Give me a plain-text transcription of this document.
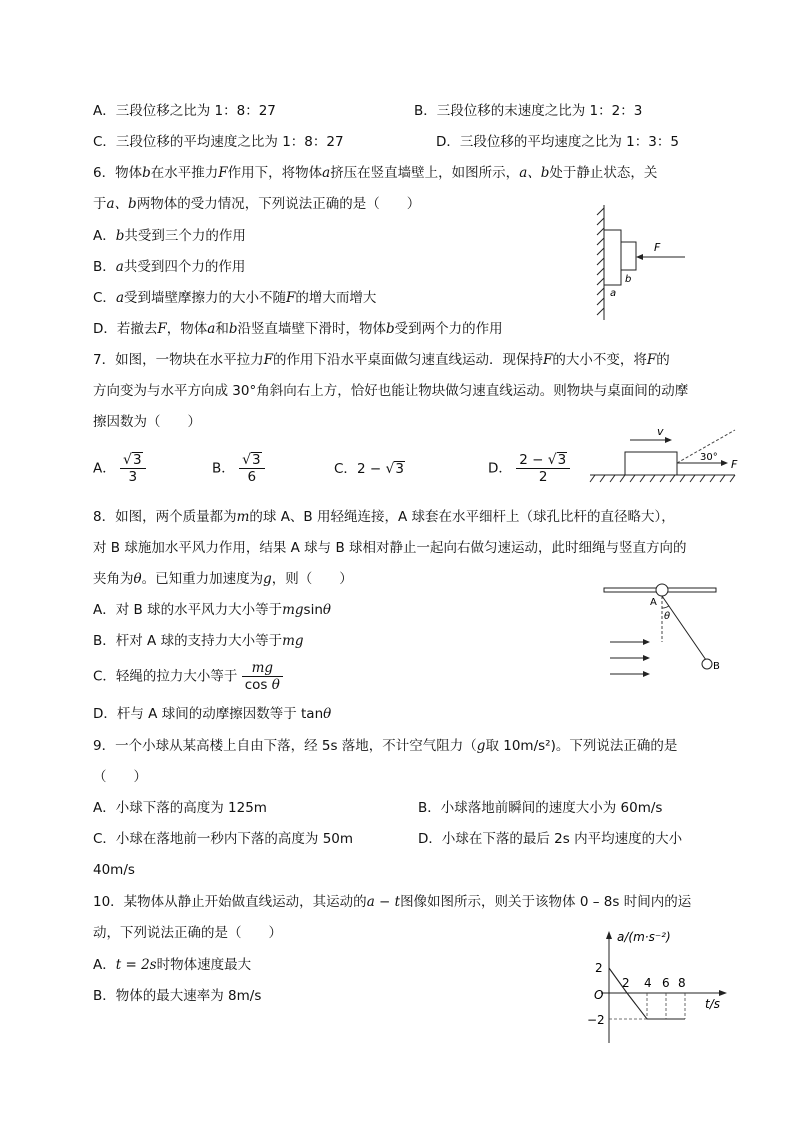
A．三段位移之比为 1：8：27	B．三段位移的末速度之比为 1：2：3
C．三段位移的平均速度之比为 1：8：27	D．三段位移的平均速度之比为 1：3：5
6．物体b在水平推力F作用下，将物体a挤压在竖直墙壁上，如图所示，a、b处于静止状态，关
于a、b两物体的受力情况，下列说法正确的是（　　）
A．b共受到三个力的作用
B．a共受到四个力的作用
C．a受到墙壁摩擦力的大小不随F的增大而增大
D．若撤去F，物体a和b沿竖直墙壁下滑时，物体b受到两个力的作用
F
b
a
7．如图，一物块在水平拉力F的作用下沿水平桌面做匀速直线运动．现保持F的大小不变，将F的
方向变为与水平方向成 30°角斜向右上方，恰好也能让物块做匀速直线运动。则物块与桌面间的动摩
擦因数为（　　）
A． $\frac{√3}{3}$	B． $\frac{√3}{6}$	C．2 − √3	D． $\frac{2 - √3}{2}$
v
30°
F
8．如图，两个质量都为m的球 A、B 用轻绳连接，A 球套在水平细杆上（球孔比杆的直径略大），
对 B 球施加水平风力作用，结果 A 球与 B 球相对静止一起向右做匀速运动，此时细绳与竖直方向的
夹角为θ。已知重力加速度为g，则（　　）
A．对 B 球的水平风力大小等于mgsinθ
B．杆对 A 球的支持力大小等于mg
C．轻绳的拉力大小等于 $\frac{mg}{\text{cos θ}}$
D．杆与 A 球间的动摩擦因数等于 tanθ
θ
A
B
9．一个小球从某高楼上自由下落，经 5s 落地，不计空气阻力（g取 10m/s²)。下列说法正确的是
（　　）
A．小球下落的高度为 125m	B．小球落地前瞬间的速度大小为 60m/s
C．小球在落地前一秒内下落的高度为 50m	D．小球在下落的最后 2s 内平均速度的大小
40m/s
10．某物体从静止开始做直线运动，其运动的a − t图像如图所示，则关于该物体 0 – 8s 时间内的运
动，下列说法正确的是（　　）
A．t = 2s时物体速度最大
B．物体的最大速率为 8m/s
a/(m·s⁻²)
t/s
O
2
−2
2 4 6 8
